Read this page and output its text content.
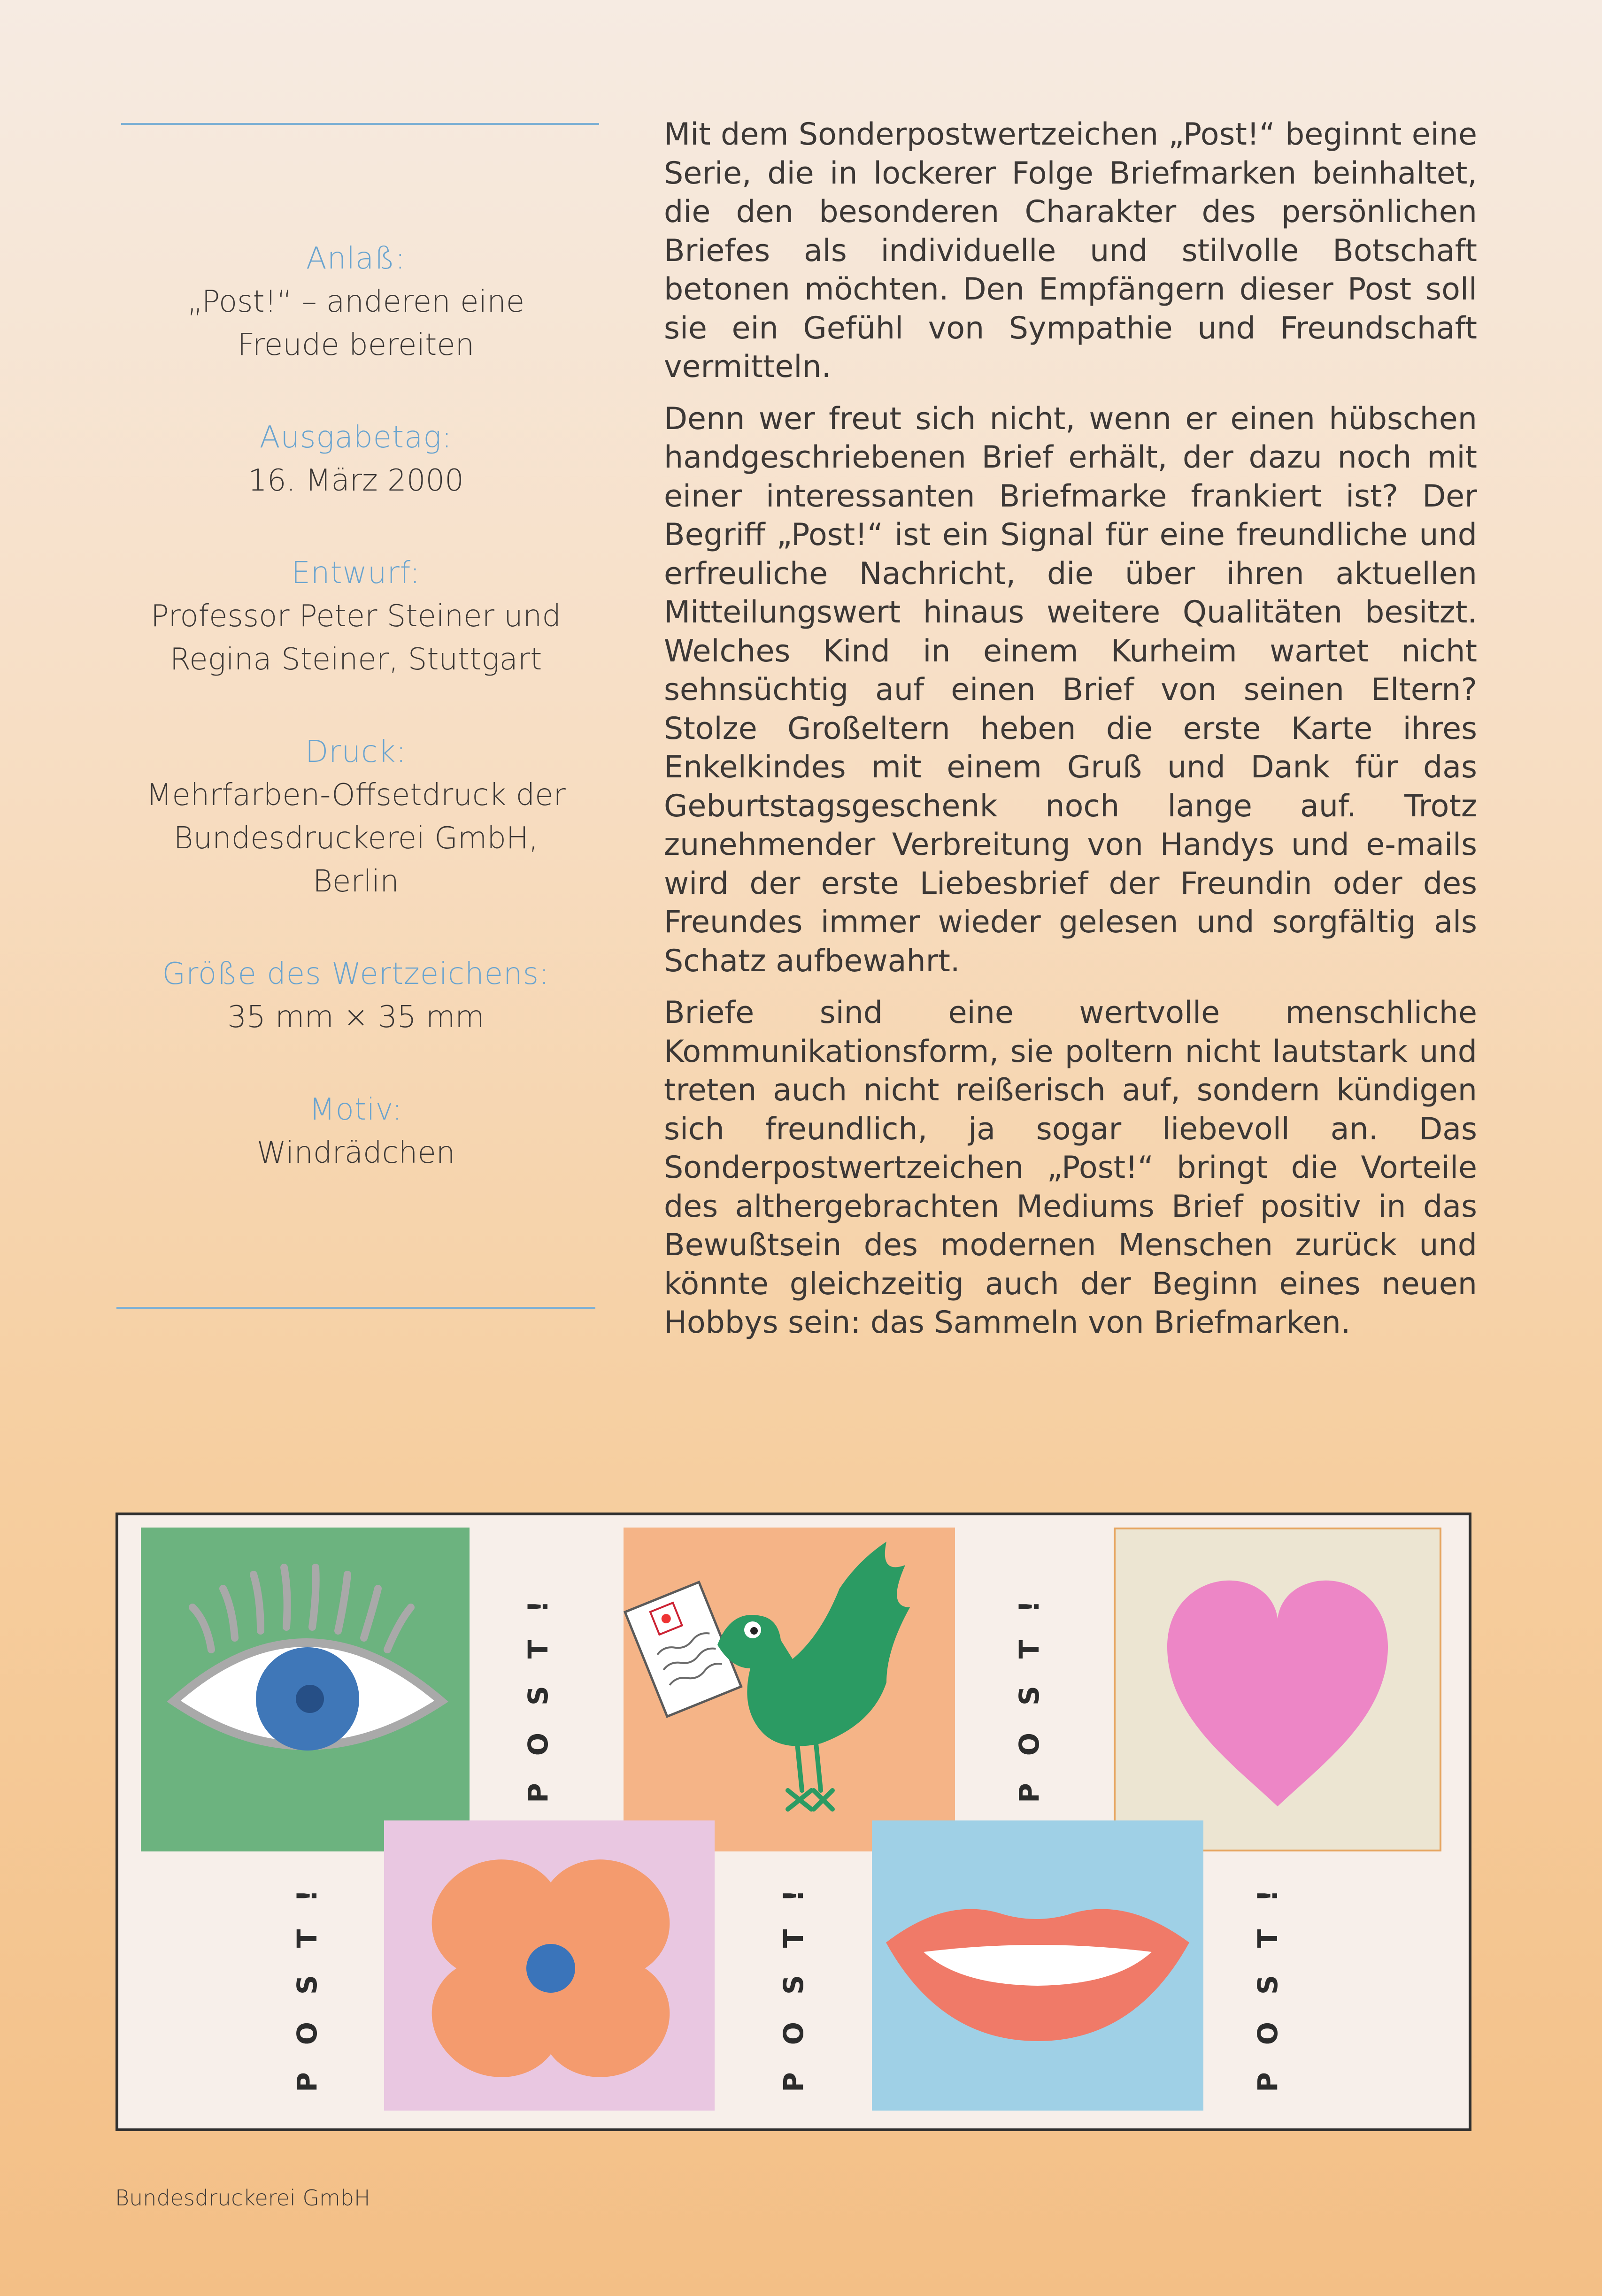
Anlaß:
„Post!“ – anderen eine
Freude bereiten
Ausgabetag:
16. März 2000
Entwurf:
Professor Peter Steiner und
Regina Steiner, Stuttgart
Druck:
Mehrfarben-Offsetdruck der
Bundesdruckerei GmbH,
Berlin
Größe des Wertzeichens:
35 mm × 35 mm
Motiv:
Windrädchen

Mit dem Sonderpostwertzeichen „Post!“ beginnt eine Serie, die in lockerer Folge Briefmarken beinhaltet, die den besonderen Charakter des persönlichen Briefes als individuelle und stilvolle Botschaft betonen möchten. Den Empfängern dieser Post soll sie ein Gefühl von Sympathie und Freundschaft vermitteln.

Denn wer freut sich nicht, wenn er einen hübschen handgeschriebenen Brief erhält, der dazu noch mit einer interessanten Briefmarke frankiert ist? Der Begriff „Post!“ ist ein Signal für eine freundliche und erfreuliche Nachricht, die über ihren aktuellen Mitteilungswert hinaus weitere Qualitäten besitzt. Welches Kind in einem Kurheim wartet nicht sehnsüchtig auf einen Brief von seinen Eltern? Stolze Großeltern heben die erste Karte ihres Enkelkindes mit einem Gruß und Dank für das Geburtstagsgeschenk noch lange auf. Trotz zunehmender Verbreitung von Handys und e-mails wird der erste Liebesbrief der Freundin oder des Freundes immer wieder gelesen und sorgfältig als Schatz aufbewahrt.

Briefe sind eine wertvolle menschliche Kommunikationsform, sie poltern nicht lautstark und treten auch nicht reißerisch auf, sondern kündigen sich freundlich, ja sogar liebevoll an. Das Sonderpostwertzeichen „Post!“ bringt die Vorteile des althergebrachten Mediums Brief positiv in das Bewußtsein des modernen Menschen zurück und könnte gleichzeitig auch der Beginn eines neuen Hobbys sein: das Sammeln von Briefmarken.

POST!	POST!
POST!	POST!	POST!
Bundesdruckerei GmbH
